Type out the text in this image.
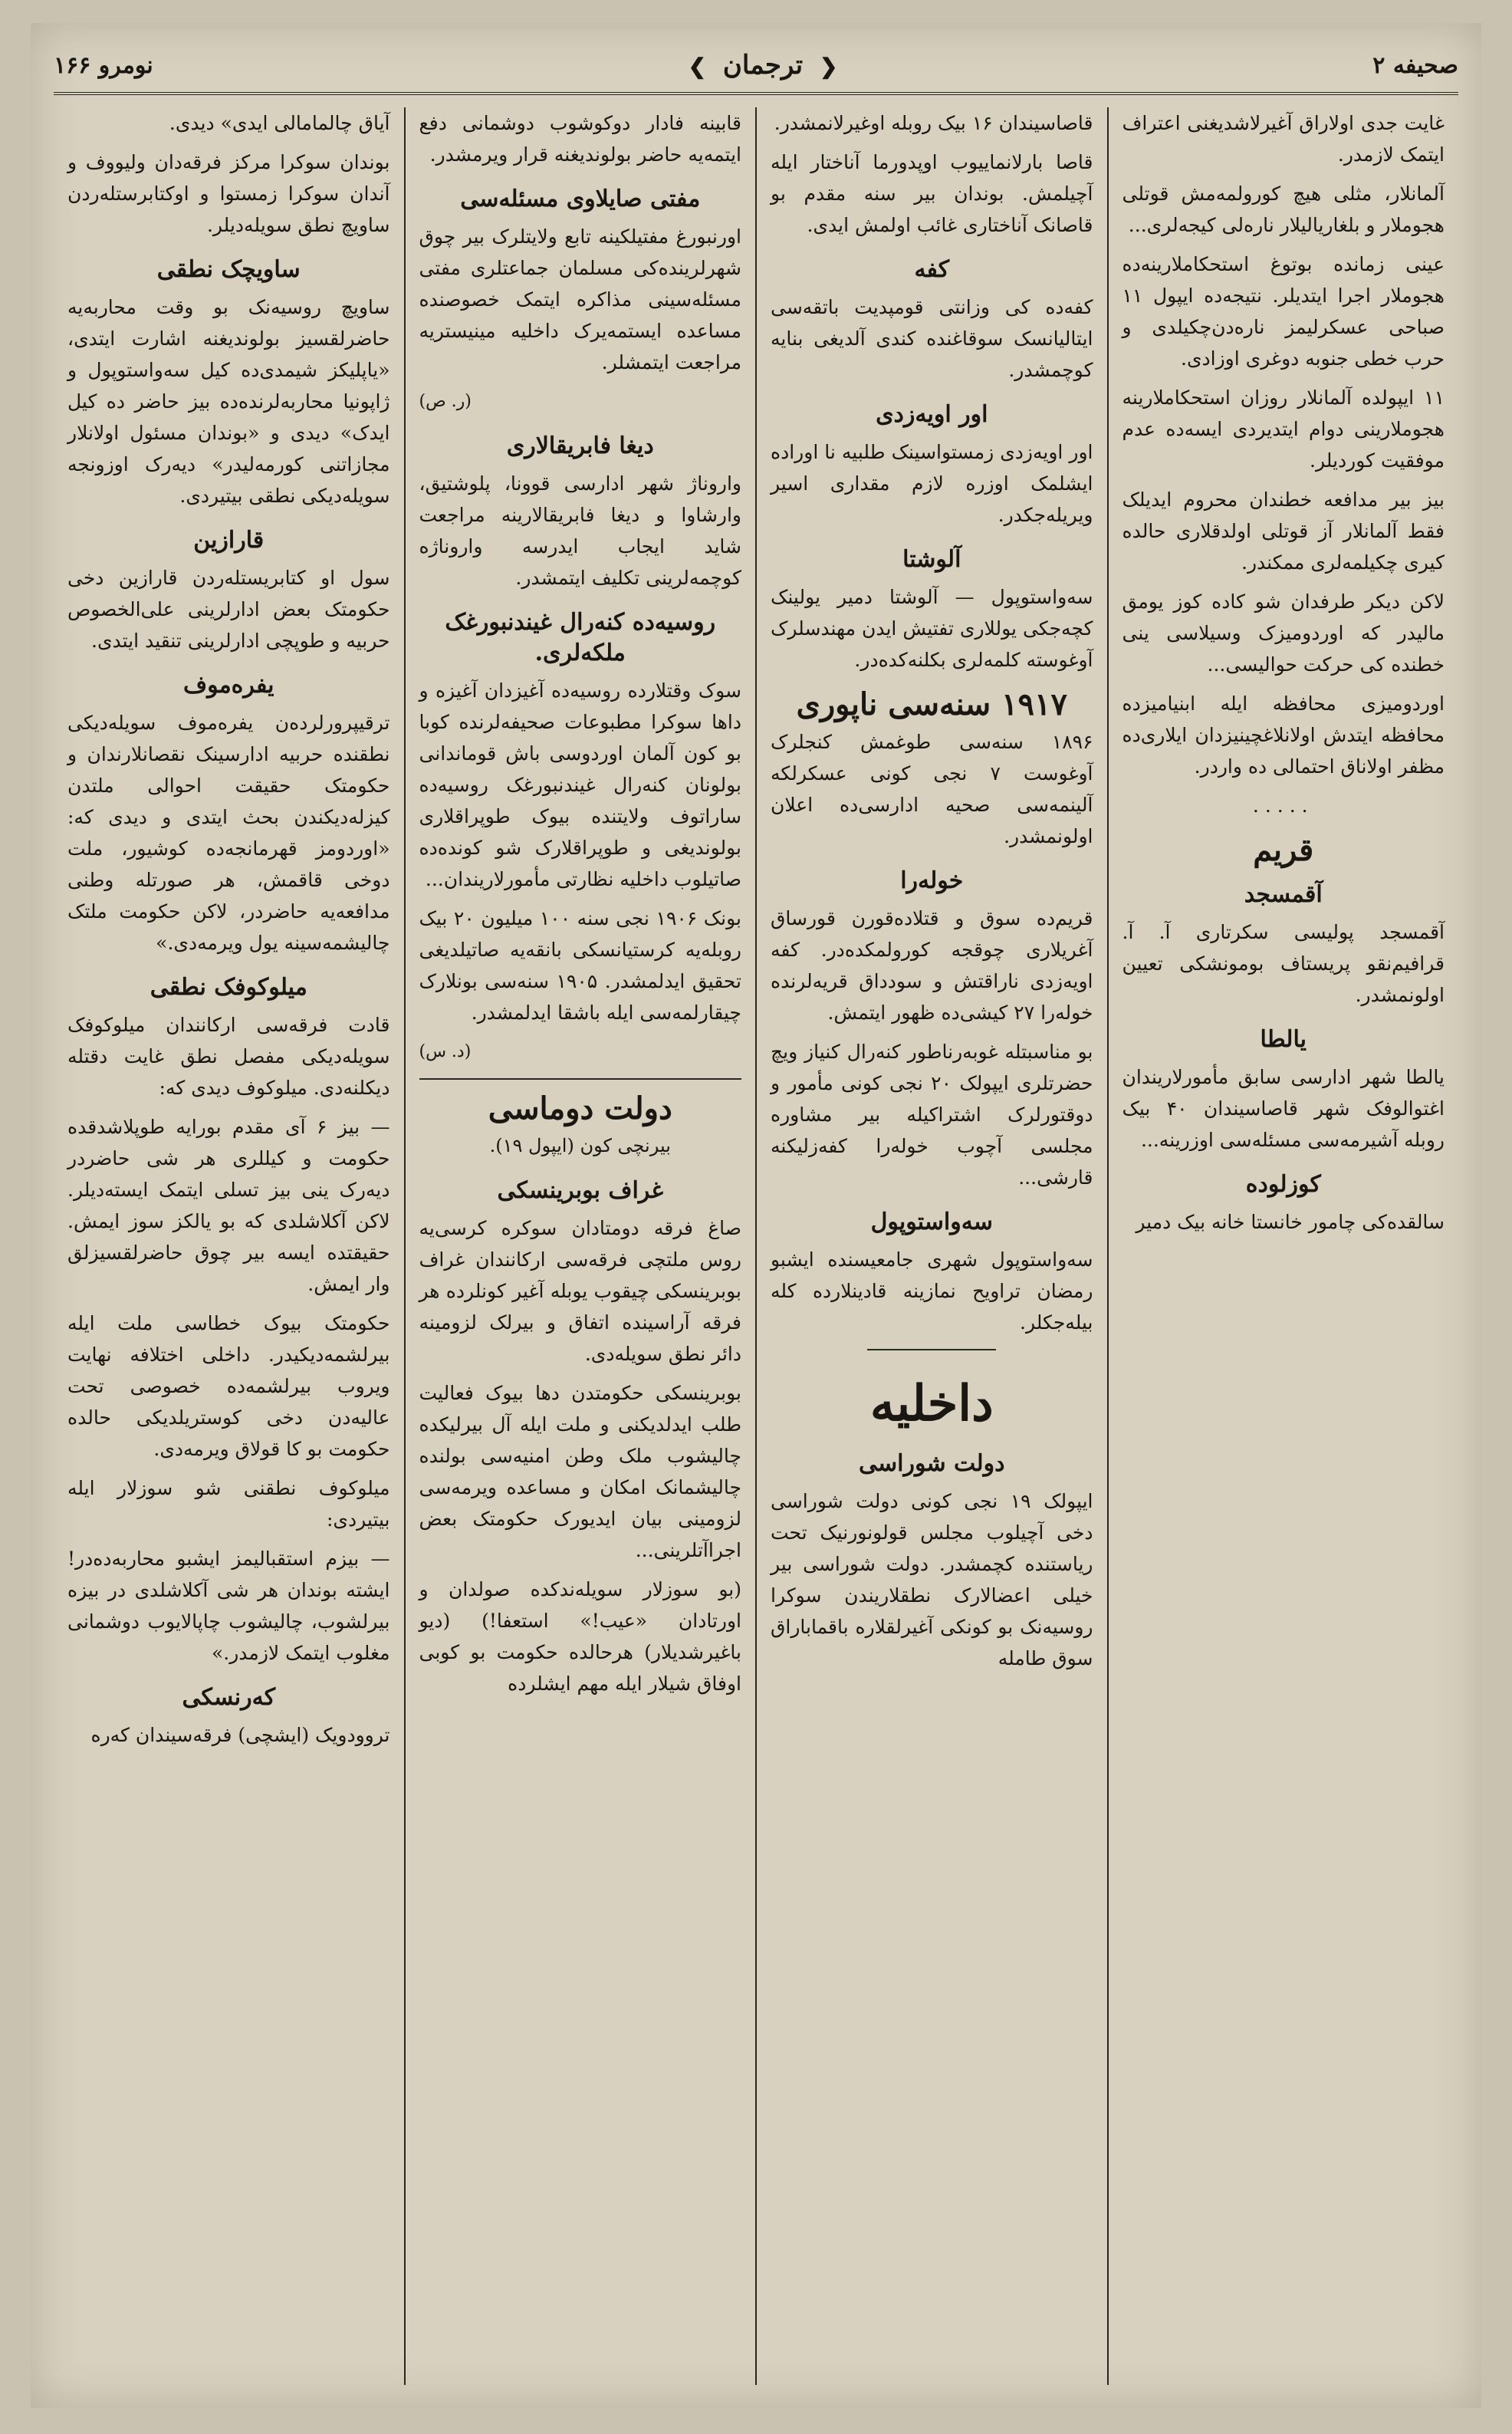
صحیفه ۲
❮ ترجمان ❯
نومرو ۱۶۶

غایت جدی اولاراق آغیرلاشدیغنی اعتراف ایتمک لازمدر.

آلمانلار، مثلی هیچ کورولمه‌مش قوتلی هجوملار و بلغاریالیلار ناره‌لی کیجه‌لری...

عینی زمانده بوتوغ استحکاملارینه‌ده هجوملار اجرا ایتدیلر. نتیجه‌ده ایپول ۱۱ صباحی عسکرلیمز ناره‌دن‌چکیلدی و حرب خطی جنوبه دوغری اوزادی.

۱۱ ایپولده آلمانلار روزان استحکاملارینه هجوملارینی دوام ایتدیردی ایسه‌ده عدم موفقیت کوردیلر.

بیز بیر مدافعه خطندان محروم ایدیلک فقط آلمانلار آز قوتلی اولدقلاری حالده کیری چکیلمه‌لری ممکندر.

لاکن دیکر طرفدان شو کاده کوز یومق مالیدر که اوردومیزک وسیلاسی ینی خطنده کی حرکت حوالیسی...

اوردومیزی محافظه ایله ابنیامیزده محافظه ایتدش اولانلاغچینیزدان ایلاری‌ده مظفر اولاناق احتمالی ده واردر.

.....
قریم
آقمسجد

آقمسجد پولیسی سکرتاری آ. آ. قرافیم‌نقو پریستاف بومونشکی تعیین اولونمشدر.

یالطا

یالطا شهر ادارسی سابق مأمورلاریندان اغتوالوفک شهر قاصاسیندان ۴۰ بیک روبله آشیرمه‌سی مسئله‌سی اوزرینه...

کوزلوده

سالقده‌کی چامور خانستا خانه‌ بیک دمیر

قاصاسیندان ۱۶ بیک روبله اوغیرلانمشدر.

قاصا بارلانماییوب اوپدورما آناختار ایله آچیلمش. بوندان بیر سنه مقدم بو قاصانک آناختاری غائب اولمش ایدی.

کفه

کفه‌ده کی وزانتی قومپدیت باتقه‌سی ایتالیانسک سوقاغنده کندی آلدیغی بنایه کوچمشدر.

اور اویه‌زدی

اور اویه‌زدی زمستواسینک طلبیه نا اوراده ایشلمک اوزره لازم مقداری اسیر ویریله‌جکدر.

آلوشتا

سه‌واستوپول — آلوشتا دمیر یولینک کچه‌جکی یوللاری تفتیش ایدن مهندسلرک آوغوسته کلمه‌لری بکلنه‌کده‌در.

۱۹۱۷ سنه‌سی ناپوری

۱۸۹۶ سنه‌سی طوغمش کنجلرک آوغوست ۷ نجی کونی عسکرلکه آلینمه‌سی صحیه ادارسی‌ده اعلان اولونمشدر.

خوله‌را

قریم‌ده سوق و قتلاده‌قورن قورساق آغریلاری چوقجه کورولمکده‌در. کفه اویه‌زدی ناراقتش و سودداق قریه‌لرنده خوله‌را ۲۷ کیشی‌ده ظهور ایتمش.

بو مناسبتله غوبه‌رناطور کنه‌رال کنیاز ویچ حضرتلری ایپولک ۲۰ نجی کونی مأمور و دوقتورلرک اشتراکیله بیر مشاوره مجلسی آچوب خوله‌را کفه‌زلیکنه قارشی...

سه‌واستوپول

سه‌واستوپول شهری جامعیسنده ایشبو رمضان تراویح نمازینه قادینلارده کله بیله‌جکلر.

داخلیه
دولت شوراسی

ایپولک ۱۹ نجی کونی دولت شوراسی دخی آچیلوب مجلس قولونورنیک تحت ریاستنده کچمشدر. دولت شوراسی بیر خیلی اعضالارک نطقلاریندن سوکرا روسیه‌نک بو کونکی آغیرلقلاره باقماباراق سوق طامله

قابینه فادار دوکوشوب دوشمانی دفع ایتمه‌یه حاضر بولوندیغنه قرار ویرمشدر.

مفتی صایلاوی مسئله‌سی

اورنبورغ مفتیلکینه تابع ولایتلرک بیر چوق شهرلرینده‌کی مسلمان جماعتلری مفتی مسئله‌سینی مذاکره ایتمک خصوصنده مساعده ایستمه‌یرک داخلیه مینیستریه مراجعت ایتمشلر.

(ر. ص)
دیغا فابریقالاری

واروناژ شهر ادارسی قوونا، پلوشتیق، وارشاوا و دیغا فابریقالارینه مراجعت شاید ایجاب ایدرسه واروناژه کوچمه‌لرینی تکلیف ایتمشدر.

روسیه‌ده کنه‌رال غیندنبورغک ملکه‌لری.

سوک وقتلارده روسیه‌ده آغیزدان آغیزه و داها سوکرا مطبوعات صحیفه‌لرنده کوبا بو کون آلمان اوردوسی باش قوماندانی بولونان کنه‌رال غیندنبورغک روسیه‌ده ساراتوف ولایتنده بیوک طوپراقلاری بولوندیغی و طوپراقلارک شو کونده‌ده صاتیلوب داخلیه نظارتی مأمورلاریندان...

بونک ۱۹۰۶ نجی سنه ۱۰۰ میلیون ۲۰ بیک روبله‌یه کرستیانسکی بانقه‌یه صاتیلدیغی تحقیق ایدلمشدر. ۱۹۰۵ سنه‌سی بونلارک چیقارلمه‌سی ایله باشقا ایدلمشدر.

(د. س)
دولت دوماسی
بیرنچی کون (ایپول ۱۹).
غراف بوبرینسکی

صاغ فرقه دومتادان سوکره کرسی‌یه روس ملتچی فرقه‌سی ارکانندان غراف بوبرینسکی چیقوب یوبله آغیر کونلرده هر فرقه آراسینده اتفاق و بیرلک لزومینه دائر نطق سویله‌دی.

بوبرینسکی حکومتدن دها بیوک فعالیت طلب ایدلدیکنی و ملت ایله آل بیرلیکده چالیشوب ملک وطن امنیه‌سی بولنده چالیشمانک امکان و مساعده ویرمه‌سی لزومینی بیان ایدیورک حکومتک بعض اجراآتلرینی...

(بو سوزلار سویله‌ندکده صولدان و اورتادان «عیب!» استعفا!) (دیو باغیرشدیلار) هرحالده حکومت بو کوبی اوفاق شیلار ایله مهم ایشلرده

آیاق چالمامالی ایدی» دیدی.

بوندان سوکرا مرکز فرقه‌دان ولیووف و آندان سوکرا زمستوا و اوکتابرستله‌ردن ساویچ نطق سویله‌دیلر.

ساویچک نطقی

ساویچ روسیه‌نک بو وقت محاربه‌یه حاضرلقسیز بولوندیغنه اشارت ایتدی، «یاپلیکز شیمدی‌ده کیل سه‌واستوپول و ژاپونیا محاربه‌لرنده‌ده بیز حاضر ده کیل ایدک» دیدی و «بوندان مسئول اولانلار مجازاتنی کورمه‌لیدر» دیه‌رک اوزونجه سویله‌دیکی نطقی بیتیردی.

قارازین

سول او کتابریستله‌ردن قارازین دخی حکومتک بعض ادارلرینی علی‌الخصوص حربیه و طوپچی ادارلرینی تنقید ایتدی.

یفره‌موف

ترقیپرورلرده‌ن یفره‌موف سویله‌دیکی نطقنده حربیه ادارسینک نقصانلارندان و حکومتک حقیقت احوالی ملتدن کیزله‌دیکندن بحث ایتدی و دیدی که: «اوردومز قهرمانجه‌ده کوشیور، ملت دوخی قاقمش، هر صورتله وطنی مدافعه‌یه حاضردر، لاکن حکومت ملتک چالیشمه‌سینه یول ویرمه‌دی.»

میلوکوفک نطقی

قادت فرقه‌سی ارکانندان میلوکوفک سویله‌دیکی مفصل نطق غایت دقتله دیکلنه‌دی. میلوکوف دیدی که:

— بیز ۶ آی مقدم بورایه طوپلاشدقده حکومت و کیللری هر شی حاضردر دیه‌رک ینی بیز تسلی ایتمک ایسته‌دیلر. لاکن آکلاشلدی که بو یالکز سوز ایمش. حقیقتده ایسه بیر چوق حاضرلقسیزلق وار ایمش.

حکومتک بیوک خطاسی ملت ایله بیرلشمه‌دیکیدر. داخلی اختلافه نهایت ویروب بیرلشمه‌ده خصوصی تحت عالیه‌دن دخی کوستریلدیکی حالده حکومت بو کا قولاق ویرمه‌دی.

میلوکوف نطقنی شو سوزلار ایله بیتیردی:

— بیزم استقبالیمز ایشبو محاربه‌ده‌در! ایشته بوندان هر شی آکلاشلدی در بیزه بیرلشوب، چالیشوب چاپالایوب دوشمانی مغلوب ایتمک لازمدر.»

که‌رنسکی

تروودویک (ایشچی) فرقه‌سیندان که‌ره
